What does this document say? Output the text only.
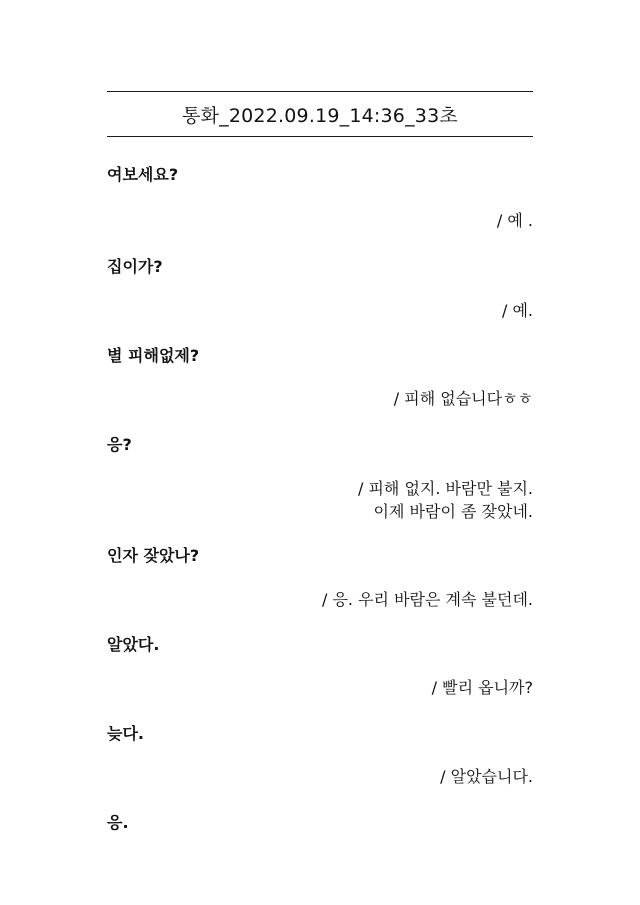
통화_2022.09.19_14:36_33초
여보세요?
/ 예 .
집이가?
/ 예.
별 피해없제?
/ 피해 없습니다ㅎㅎ
응?
/ 피해 없지. 바람만 불지.
이제 바람이 좀 잦았네.
인자 잦았나?
/ 응. 우리 바람은 계속 불던데.
알았다.
/ 빨리 옵니까?
늦다.
/ 알았습니다.
응.
